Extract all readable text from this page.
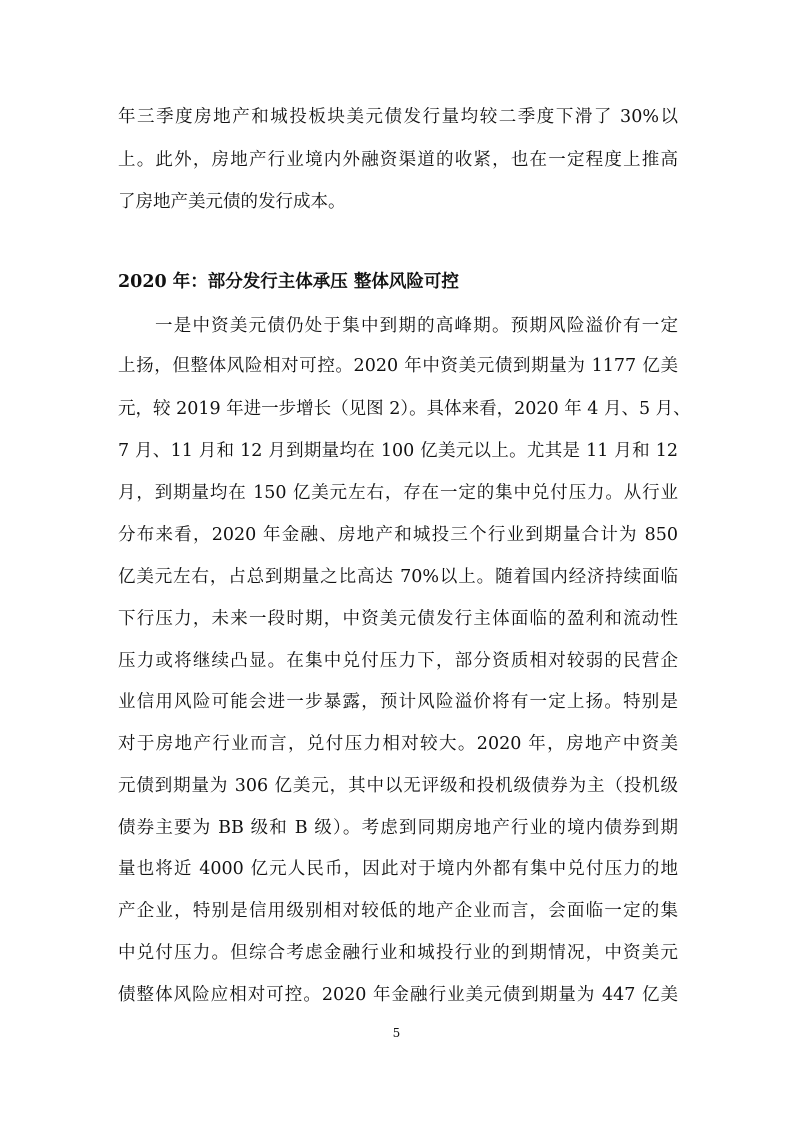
年三季度房地产和城投板块美元债发行量均较二季度下滑了 30%以
上。此外，房地产行业境内外融资渠道的收紧，也在一定程度上推高
了房地产美元债的发行成本。
2020 年：部分发行主体承压 整体风险可控
一是中资美元债仍处于集中到期的高峰期。预期风险溢价有一定
上扬，但整体风险相对可控。2020 年中资美元债到期量为 1177 亿美
元，较 2019 年进一步增长（见图 2）。具体来看，2020 年 4 月、5 月、
7 月、11 月和 12 月到期量均在 100 亿美元以上。尤其是 11 月和 12
月，到期量均在 150 亿美元左右，存在一定的集中兑付压力。从行业
分布来看，2020 年金融、房地产和城投三个行业到期量合计为 850
亿美元左右，占总到期量之比高达 70%以上。随着国内经济持续面临
下行压力，未来一段时期，中资美元债发行主体面临的盈利和流动性
压力或将继续凸显。在集中兑付压力下，部分资质相对较弱的民营企
业信用风险可能会进一步暴露，预计风险溢价将有一定上扬。特别是
对于房地产行业而言，兑付压力相对较大。2020 年，房地产中资美
元债到期量为 306 亿美元，其中以无评级和投机级债券为主（投机级
债券主要为 BB 级和 B 级）。考虑到同期房地产行业的境内债券到期
量也将近 4000 亿元人民币，因此对于境内外都有集中兑付压力的地
产企业，特别是信用级别相对较低的地产企业而言，会面临一定的集
中兑付压力。但综合考虑金融行业和城投行业的到期情况，中资美元
债整体风险应相对可控。2020 年金融行业美元债到期量为 447 亿美
5
